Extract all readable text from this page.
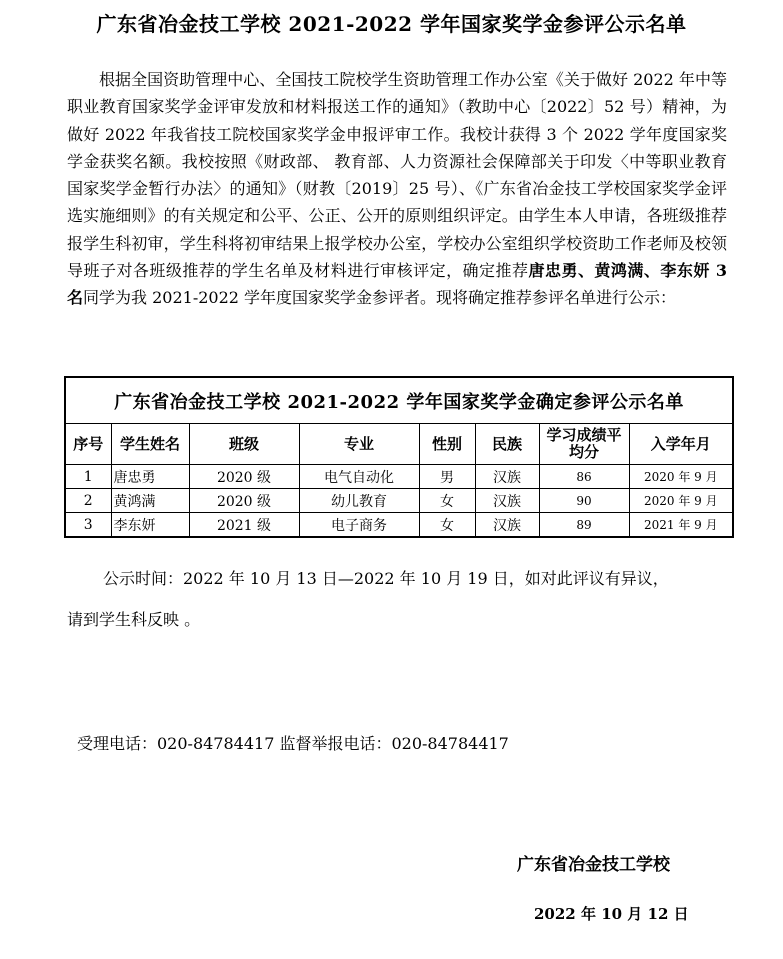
广东省冶金技工学校 2021-2022 学年国家奖学金参评公示名单

根据全国资助管理中心、全国技工院校学生资助管理工作办公室《关于做好 2022 年中等职业教育国家奖学金评审发放和材料报送工作的通知》（教助中心〔2022〕52 号）精神，为做好 2022 年我省技工院校国家奖学金申报评审工作。我校计获得 3 个 2022 学年度国家奖学金获奖名额。我校按照《财政部、 教育部、人力资源社会保障部关于印发〈中等职业教育国家奖学金暂行办法〉的通知》（财教〔2019〕25 号）、《广东省冶金技工学校国家奖学金评选实施细则》的有关规定和公平、公正、公开的原则组织评定。由学生本人申请，各班级推荐报学生科初审，学生科将初审结果上报学校办公室，学校办公室组织学校资助工作老师及校领导班子对各班级推荐的学生名单及材料进行审核评定，确定推荐唐忠勇、黄鸿满、李东妍 3 名同学为我 2021-2022 学年度国家奖学金参评者。现将确定推荐参评名单进行公示：

广东省冶金技工学校 2021-2022 学年国家奖学金确定参评公示名单							
序号	学生姓名	班级	专业	性别	民族	学习成绩平均分	入学年月
1	唐忠勇	2020 级	电气自动化	男	汉族	86	2020 年 9 月
2	黄鸿满	2020 级	幼儿教育	女	汉族	90	2020 年 9 月
3	李东妍	2021 级	电子商务	女	汉族	89	2021 年 9 月
公示时间：2022 年 10 月 13 日—2022 年 10 月 19 日，如对此评议有异议，
请到学生科反映 。
受理电话：020-84784417 监督举报电话：020-84784417
广东省冶金技工学校
2022 年 10 月 12 日
